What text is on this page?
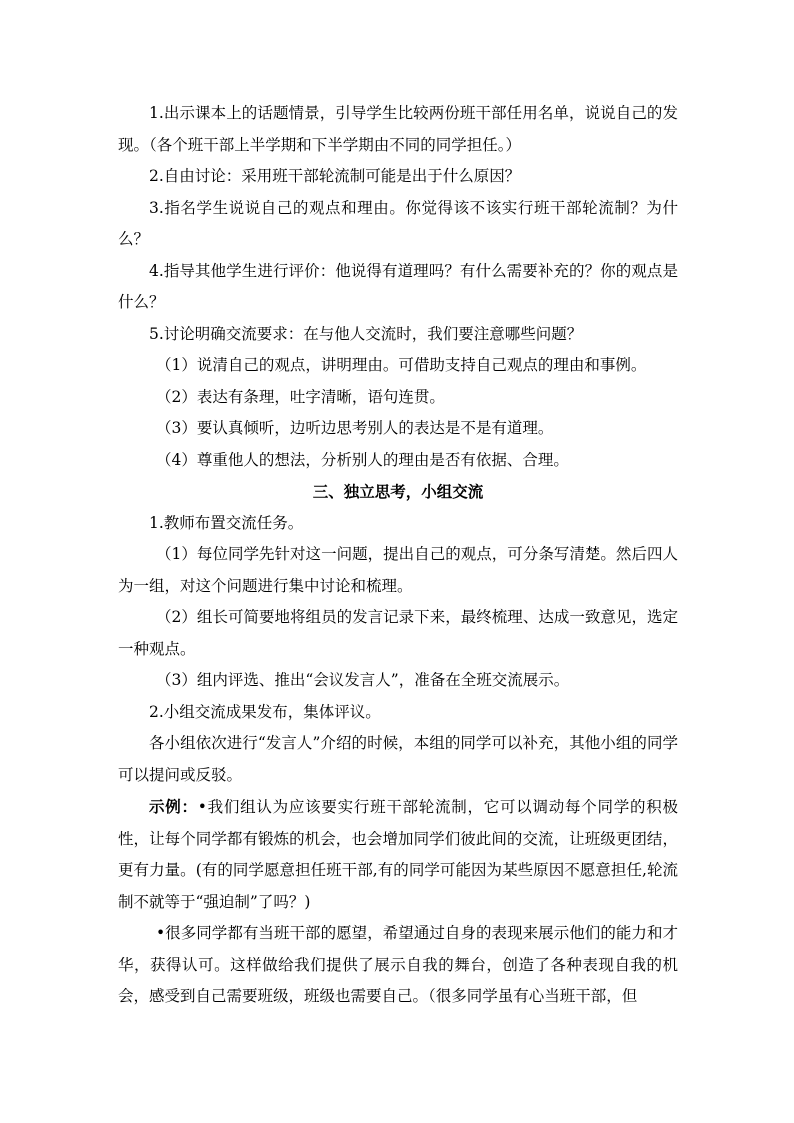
1.出示课本上的话题情景，引导学生比较两份班干部任用名单，说说自己的发现。（各个班干部上半学期和下半学期由不同的同学担任。）

2.自由讨论：采用班干部轮流制可能是出于什么原因？

3.指名学生说说自己的观点和理由。你觉得该不该实行班干部轮流制？为什么？

4.指导其他学生进行评价：他说得有道理吗？有什么需要补充的？你的观点是什么？

5.讨论明确交流要求：在与他人交流时，我们要注意哪些问题？

（1）说清自己的观点，讲明理由。可借助支持自己观点的理由和事例。

（2）表达有条理，吐字清晰，语句连贯。

（3）要认真倾听，边听边思考别人的表达是不是有道理。

（4）尊重他人的想法，分析别人的理由是否有依据、合理。

三、独立思考，小组交流

1.教师布置交流任务。

（1）每位同学先针对这一问题，提出自己的观点，可分条写清楚。然后四人为一组，对这个问题进行集中讨论和梳理。

（2）组长可简要地将组员的发言记录下来，最终梳理、达成一致意见，选定一种观点。

（3）组内评选、推出“会议发言人”，准备在全班交流展示。

2.小组交流成果发布，集体评议。

各小组依次进行“发言人”介绍的时候，本组的同学可以补充，其他小组的同学可以提问或反驳。

示例：•我们组认为应该要实行班干部轮流制，它可以调动每个同学的积极性，让每个同学都有锻炼的机会，也会增加同学们彼此间的交流，让班级更团结，更有力量。(有的同学愿意担任班干部,有的同学可能因为某些原因不愿意担任,轮流制不就等于“强迫制”了吗？)

•很多同学都有当班干部的愿望，希望通过自身的表现来展示他们的能力和才华，获得认可。这样做给我们提供了展示自我的舞台，创造了各种表现自我的机会，感受到自己需要班级，班级也需要自己。（很多同学虽有心当班干部，但
